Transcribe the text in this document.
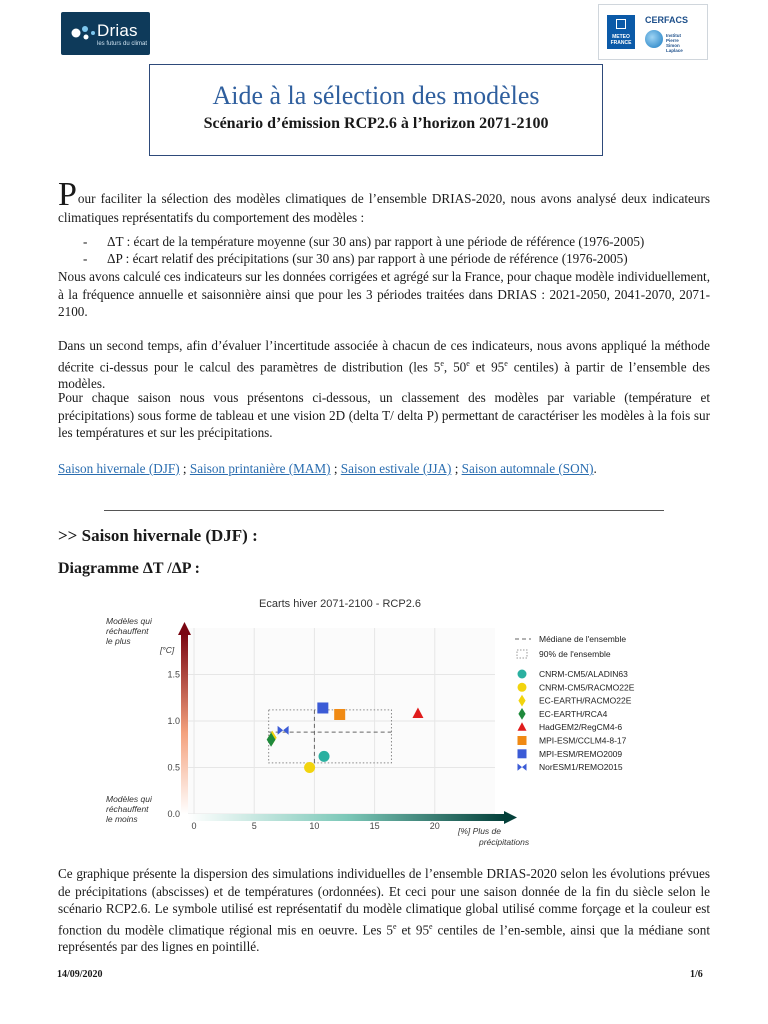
Drias
les futurs du climat
METEO
FRANCE
CERFACS
Institut
Pierre
Simon
Laplace
Aide à la sélection des modèles
Scénario d’émission RCP2.6 à l’horizon 2071-2100
Pour faciliter la sélection des modèles climatiques de l’ensemble DRIAS-2020, nous avons analysé deux indicateurs climatiques représentatifs du comportement des modèles :
- ΔT : écart de la température moyenne (sur 30 ans) par rapport à une période de référence (1976-2005)
- ΔP : écart relatif des précipitations (sur 30 ans) par rapport à une période de référence (1976-2005)
Nous avons calculé ces indicateurs sur les données corrigées et agrégé sur la France, pour chaque modèle individuellement, à la fréquence annuelle et saisonnière ainsi que pour les 3 périodes traitées dans DRIAS : 2021-2050, 2041-2070, 2071-2100.
Dans un second temps, afin d’évaluer l’incertitude associée à chacun de ces indicateurs, nous avons appliqué la méthode décrite ci-dessus pour le calcul des paramètres de distribution (les 5e, 50e et 95e centiles) à partir de l’ensemble des modèles.
Pour chaque saison nous vous présentons ci-dessous, un classement des modèles par variable (température et précipitations) sous forme de tableau et une vision 2D (delta T/ delta P) permettant de caractériser les modèles à la fois sur les températures et sur les précipitations.
Saison hivernale (DJF) ; Saison printanière (MAM) ; Saison estivale (JJA) ; Saison automnale (SON).
>> Saison hivernale (DJF) :
Diagramme ΔT /ΔP :
Ecarts hiver 2071-2100 - RCP2.6
0	5	10	15	20
0.0
0.5
1.0
1.5
Modèles qui
réchauffent
le plus
Modèles qui
réchauffent
le moins
[°C]
[%] Plus de
précipitations
Médiane de l'ensemble
90% de l'ensemble
CNRM-CM5/ALADIN63
CNRM-CM5/RACMO22E
EC-EARTH/RACMO22E
EC-EARTH/RCA4
HadGEM2/RegCM4-6
MPI-ESM/CCLM4-8-17
MPI-ESM/REMO2009
NorESM1/REMO2015
Ce graphique présente la dispersion des simulations individuelles de l’ensemble DRIAS-2020 selon les évolutions prévues de précipitations (abscisses) et de températures (ordonnées). Et ceci pour une saison donnée de la fin du siècle selon le scénario RCP2.6. Le symbole utilisé est représentatif du modèle climatique global utilisé comme forçage et la couleur est fonction du modèle climatique régional mis en oeuvre. Les 5e et 95e centiles de l’en-semble, ainsi que la médiane sont représentés par des lignes en pointillé.
14/09/2020	1/6
